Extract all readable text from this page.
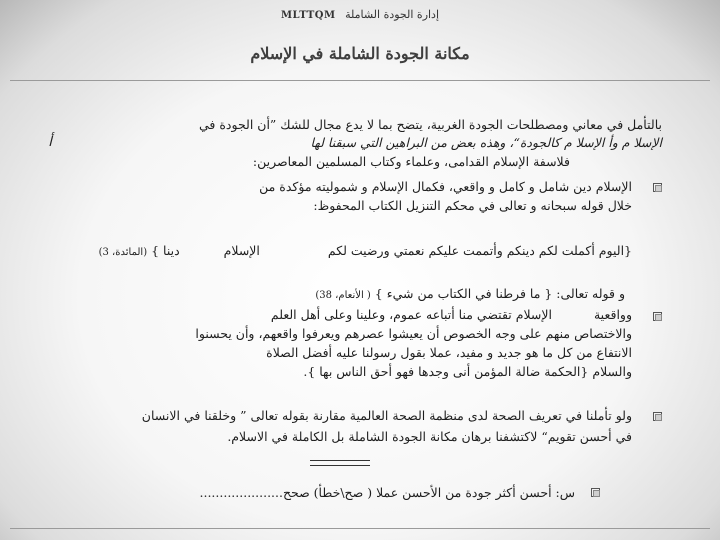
MLTTQM إدارة الجودة الشاملة
مكانة الجودة الشاملة في الإسلام
بالتأمل في معاني ومصطلحات الجودة الغربية، يتضح بما لا يدع مجال للشك ”أن الجودة في
أ	الإسلا م وأ الإسلا م كالجودة“، وهذه بعض من البراهين التي سبقنا لها
فلاسفة الإسلام القدامى، وعلماء وكتاب المسلمين المعاصرين:
الإسلام دين شامل و كامل و واقعي، فكمال الإسلام و شموليته مؤكدة من
خلال قوله سبحانه و تعالى في محكم التنزيل الكتاب المحفوظ:
{اليوم أكملت لكم دينكم وأتممت عليكم نعمتي ورضيت لكم  الإسلام  دينا } (المائدة، 3)
و قوله تعالى: { ما فرطنا في الكتاب من شيء } ( الأنعام، 38)
وواقعية  الإسلام تقتضي منا أتباعه عموم، وعلينا وعلى أهل العلم
والاختصاص منهم على وجه الخصوص أن يعيشوا عصرهم ويعرفوا واقعهم، وأن يحسنوا
الانتفاع من كل ما هو جديد و مفيد، عملا بقول رسولنا عليه أفضل الصلاة
والسلام {الحكمة ضالة المؤمن أنى وجدها فهو أحق الناس بها }.
ولو تأملنا في تعريف الصحة لدى منظمة الصحة العالمية مقارنة بقوله تعالى ” وخلقنا في الانسان
في أحسن تقويم“ لاكتشفنا برهان مكانة الجودة الشاملة بل الكاملة في الاسلام.
س: أحسن أكثر جودة من الأحسن عملا ( صح\خطأ) صحح.....................
